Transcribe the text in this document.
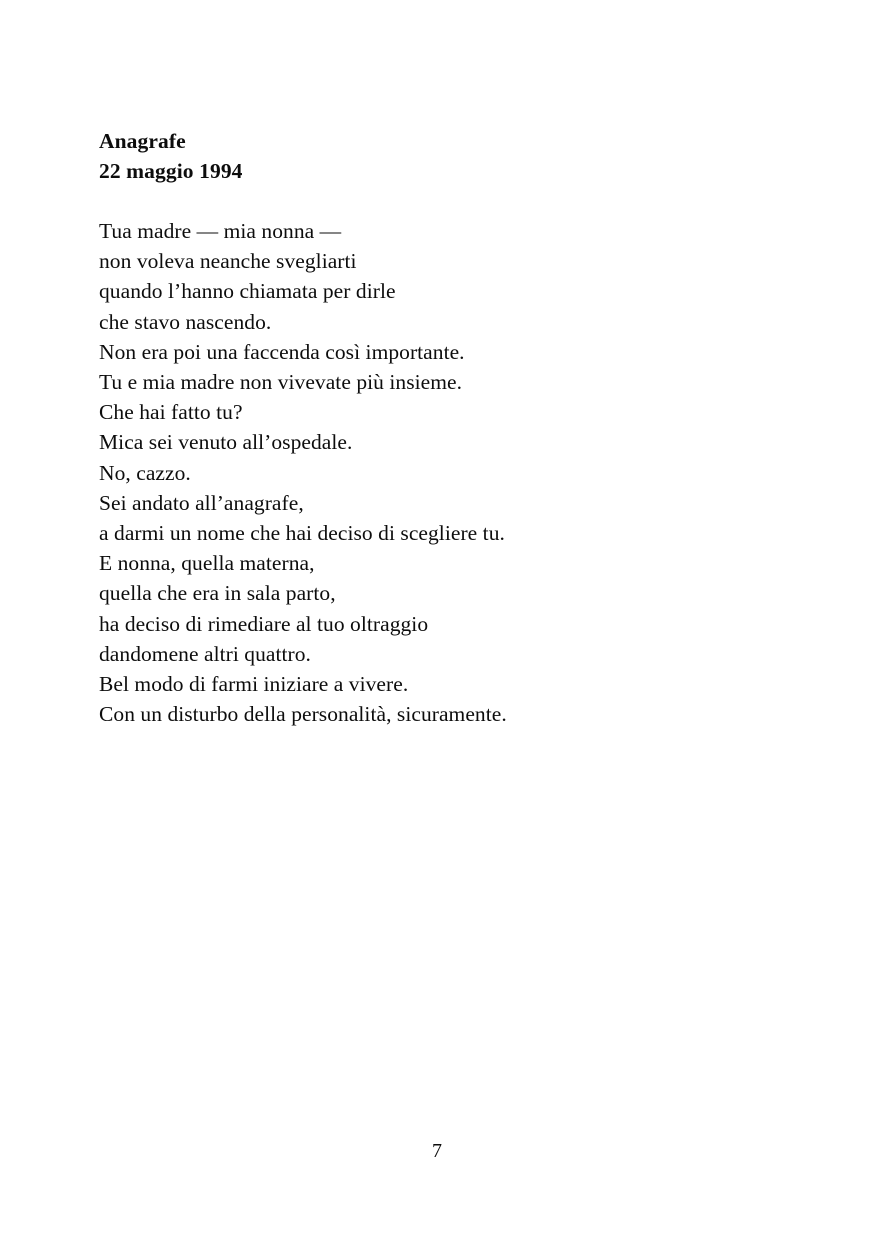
Anagrafe
22 maggio 1994
Tua madre — mia nonna —
non voleva neanche svegliarti
quando l’hanno chiamata per dirle
che stavo nascendo.
Non era poi una faccenda così importante.
Tu e mia madre non vivevate più insieme.
Che hai fatto tu?
Mica sei venuto all’ospedale.
No, cazzo.
Sei andato all’anagrafe,
a darmi un nome che hai deciso di scegliere tu.
E nonna, quella materna,
quella che era in sala parto,
ha deciso di rimediare al tuo oltraggio
dandomene altri quattro.
Bel modo di farmi iniziare a vivere.
Con un disturbo della personalità, sicuramente.
7
